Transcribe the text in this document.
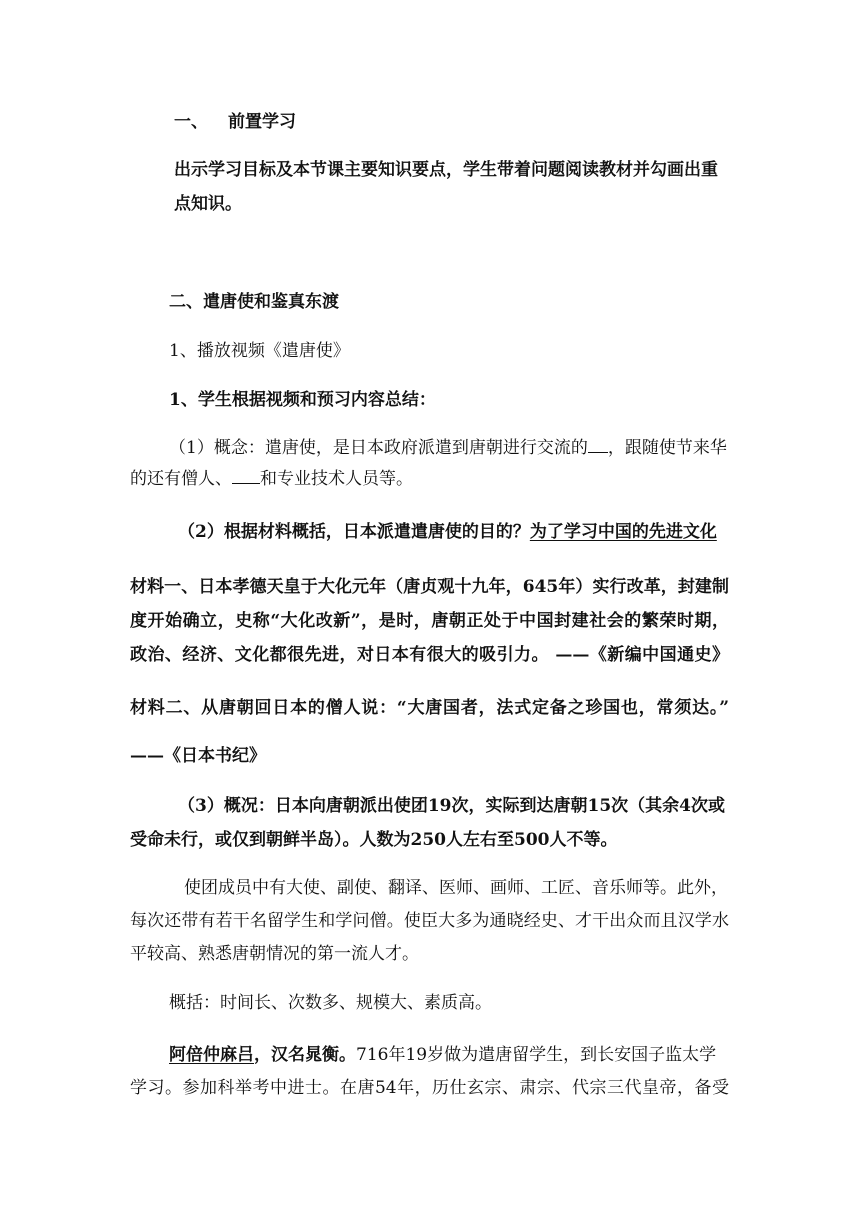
一、 前置学习
出示学习目标及本节课主要知识要点，学生带着问题阅读教材并勾画出重
点知识。
二、遣唐使和鉴真东渡
1、播放视频《遣唐使》
1、学生根据视频和预习内容总结：
（1）概念：遣唐使，是日本政府派遣到唐朝进行交流的 ，跟随使节来华
的还有僧人、 和专业技术人员等。
（2）根据材料概括，日本派遣遣唐使的目的？为了学习中国的先进文化
材料一、日本孝德天皇于大化元年（唐贞观十九年，645年）实行改革，封建制
度开始确立，史称“大化改新”，是时，唐朝正处于中国封建社会的繁荣时期，
政治、经济、文化都很先进，对日本有很大的吸引力。 ——《新编中国通史》
材料二、从唐朝回日本的僧人说：“大唐国者，法式定备之珍国也，常须达。”
——《日本书纪》
（3）概况：日本向唐朝派出使团19次，实际到达唐朝15次（其余4次或
受命未行，或仅到朝鲜半岛）。人数为250人左右至500人不等。
使团成员中有大使、副使、翻译、医师、画师、工匠、音乐师等。此外，
每次还带有若干名留学生和学问僧。使臣大多为通晓经史、才干出众而且汉学水
平较高、熟悉唐朝情况的第一流人才。
概括：时间长、次数多、规模大、素质高。
阿倍仲麻吕，汉名晁衡。716年19岁做为遣唐留学生，到长安国子监太学
学习。参加科举考中进士。在唐54年，历仕玄宗、肃宗、代宗三代皇帝，备受
